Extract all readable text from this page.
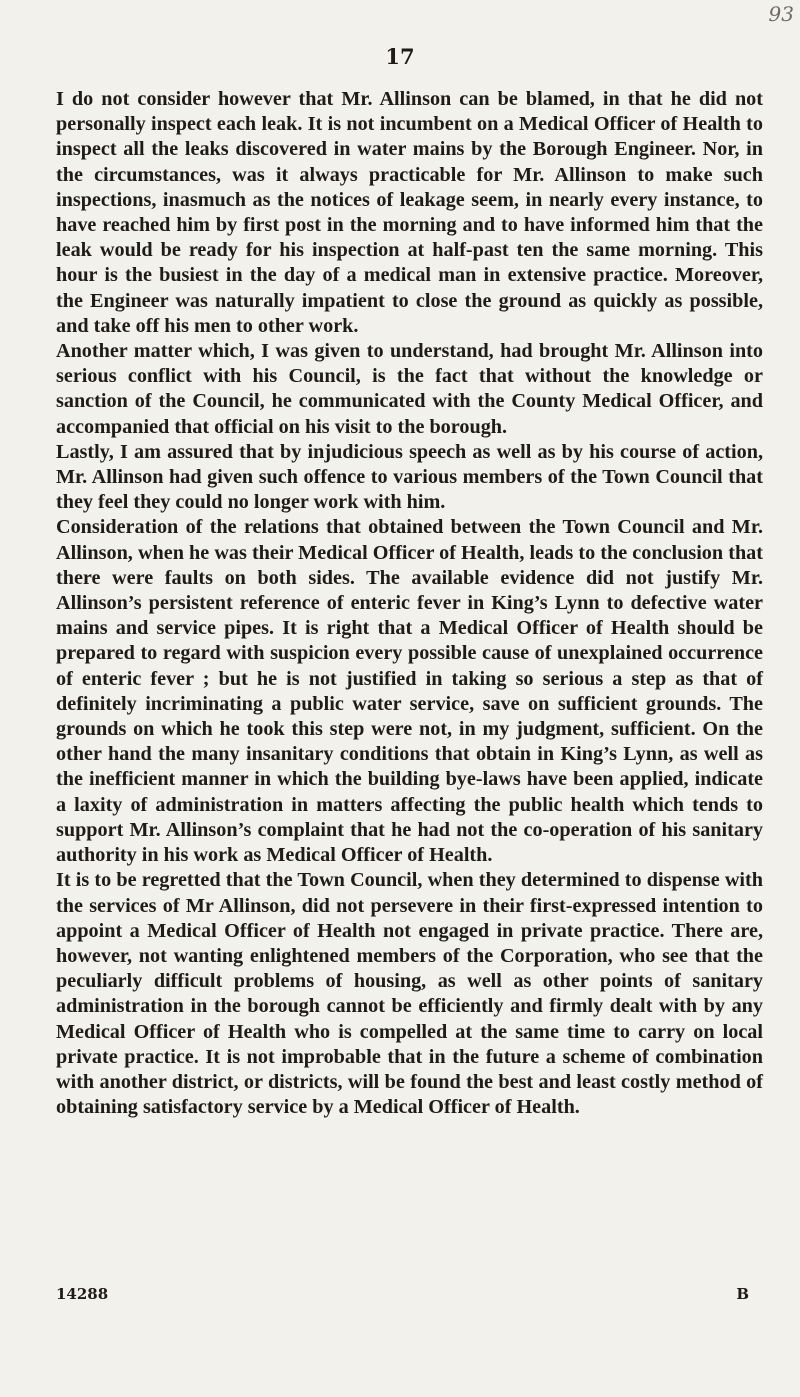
93
17

I do not consider however that Mr. Allinson can be blamed, in that he did not personally inspect each leak. It is not incumbent on a Medical Officer of Health to inspect all the leaks discovered in water mains by the Borough Engineer. Nor, in the circumstances, was it always practicable for Mr. Allinson to make such inspections, inasmuch as the notices of leakage seem, in nearly every instance, to have reached him by first post in the morning and to have informed him that the leak would be ready for his inspection at half-past ten the same morning. This hour is the busiest in the day of a medical man in extensive practice. Moreover, the Engineer was naturally impatient to close the ground as quickly as possible, and take off his men to other work.

Another matter which, I was given to understand, had brought Mr. Allinson into serious conflict with his Council, is the fact that without the knowledge or sanction of the Council, he communicated with the County Medical Officer, and accompanied that official on his visit to the borough.

Lastly, I am assured that by injudicious speech as well as by his course of action, Mr. Allinson had given such offence to various members of the Town Council that they feel they could no longer work with him.

Consideration of the relations that obtained between the Town Council and Mr. Allinson, when he was their Medical Officer of Health, leads to the conclusion that there were faults on both sides. The available evidence did not justify Mr. Allinson’s persistent reference of enteric fever in King’s Lynn to defective water mains and service pipes. It is right that a Medical Officer of Health should be prepared to regard with suspicion every possible cause of unexplained occurrence of enteric fever ; but he is not justified in taking so serious a step as that of definitely incriminating a public water service, save on sufficient grounds. The grounds on which he took this step were not, in my judgment, sufficient. On the other hand the many insanitary conditions that obtain in King’s Lynn, as well as the inefficient manner in which the building bye-laws have been applied, indicate a laxity of administration in matters affecting the public health which tends to support Mr. Allinson’s complaint that he had not the co-operation of his sanitary authority in his work as Medical Officer of Health.

It is to be regretted that the Town Council, when they determined to dispense with the services of Mr Allinson, did not persevere in their first-expressed intention to appoint a Medical Officer of Health not engaged in private practice. There are, however, not wanting enlightened members of the Corporation, who see that the peculiarly difficult problems of housing, as well as other points of sanitary administration in the borough cannot be efficiently and firmly dealt with by any Medical Officer of Health who is compelled at the same time to carry on local private practice. It is not improbable that in the future a scheme of combination with another district, or districts, will be found the best and least costly method of obtaining satisfactory service by a Medical Officer of Health.

14288	B
